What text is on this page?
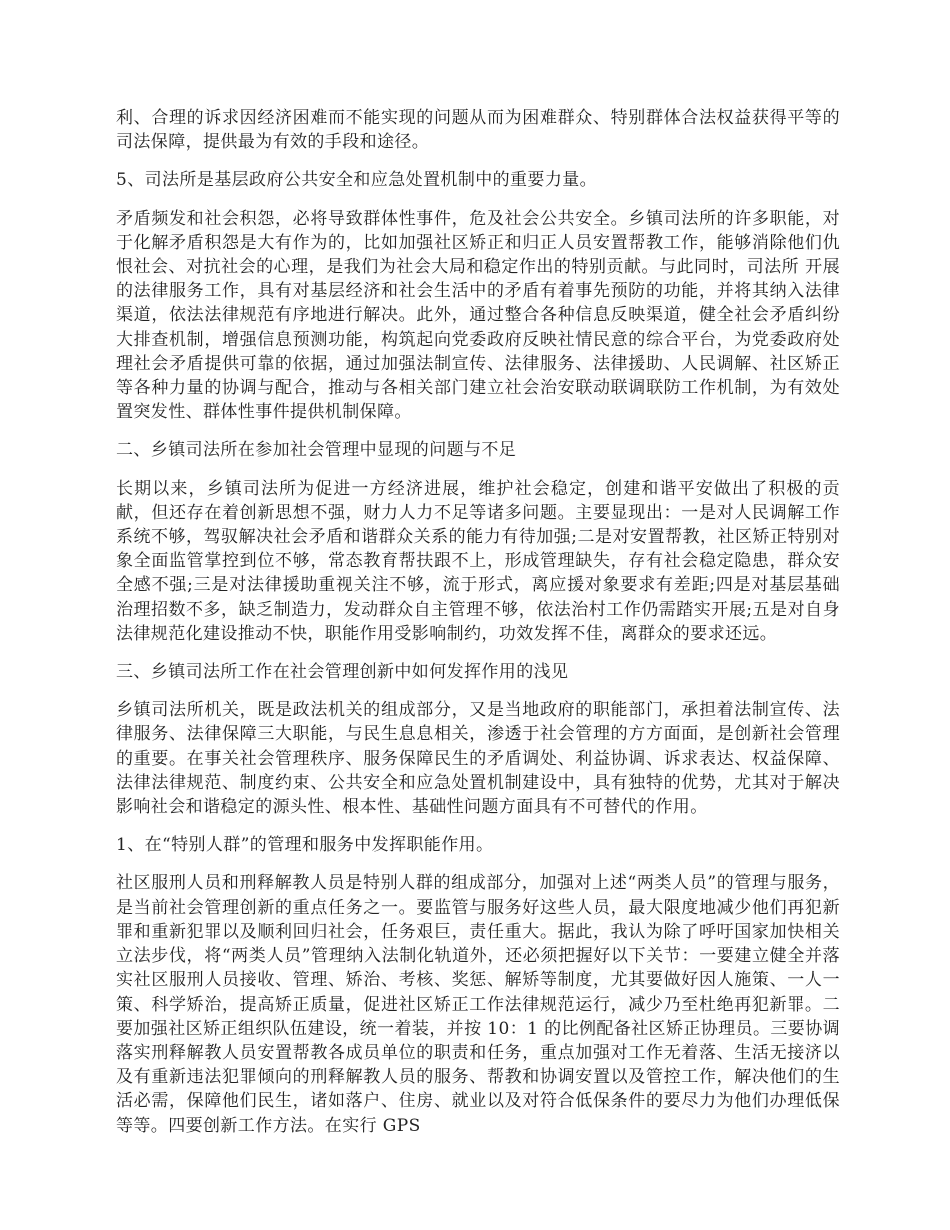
利、合理的诉求因经济困难而不能实现的问题从而为困难群众、特别群体合法权益获得平等的司法保障，提供最为有效的手段和途径。

5、司法所是基层政府公共安全和应急处置机制中的重要力量。

矛盾频发和社会积怨，必将导致群体性事件，危及社会公共安全。乡镇司法所的许多职能，对于化解矛盾积怨是大有作为的，比如加强社区矫正和归正人员安置帮教工作，能够消除他们仇恨社会、对抗社会的心理，是我们为社会大局和稳定作出的特别贡献。与此同时，司法所 开展的法律服务工作，具有对基层经济和社会生活中的矛盾有着事先预防的功能，并将其纳入法律渠道，依法法律规范有序地进行解决。此外，通过整合各种信息反映渠道，健全社会矛盾纠纷大排查机制，增强信息预测功能，构筑起向党委政府反映社情民意的综合平台，为党委政府处理社会矛盾提供可靠的依据，通过加强法制宣传、法律服务、法律援助、人民调解、社区矫正等各种力量的协调与配合，推动与各相关部门建立社会治安联动联调联防工作机制，为有效处置突发性、群体性事件提供机制保障。

二、乡镇司法所在参加社会管理中显现的问题与不足

长期以来，乡镇司法所为促进一方经济进展，维护社会稳定，创建和谐平安做出了积极的贡献，但还存在着创新思想不强，财力人力不足等诸多问题。主要显现出：一是对人民调解工作系统不够，驾驭解决社会矛盾和谐群众关系的能力有待加强;二是对安置帮教，社区矫正特别对象全面监管掌控到位不够，常态教育帮扶跟不上，形成管理缺失，存有社会稳定隐患，群众安全感不强;三是对法律援助重视关注不够，流于形式，离应援对象要求有差距;四是对基层基础治理招数不多，缺乏制造力，发动群众自主管理不够，依法治村工作仍需踏实开展;五是对自身法律规范化建设推动不快，职能作用受影响制约，功效发挥不佳，离群众的要求还远。

三、乡镇司法所工作在社会管理创新中如何发挥作用的浅见

乡镇司法所机关，既是政法机关的组成部分，又是当地政府的职能部门，承担着法制宣传、法律服务、法律保障三大职能，与民生息息相关，渗透于社会管理的方方面面，是创新社会管理的重要。在事关社会管理秩序、服务保障民生的矛盾调处、利益协调、诉求表达、权益保障、法律法律规范、制度约束、公共安全和应急处置机制建设中，具有独特的优势，尤其对于解决影响社会和谐稳定的源头性、根本性、基础性问题方面具有不可替代的作用。

1、在“特别人群”的管理和服务中发挥职能作用。

社区服刑人员和刑释解教人员是特别人群的组成部分，加强对上述“两类人员”的管理与服务，是当前社会管理创新的重点任务之一。要监管与服务好这些人员，最大限度地减少他们再犯新罪和重新犯罪以及顺利回归社会，任务艰巨，责任重大。据此，我认为除了呼吁国家加快相关立法步伐，将“两类人员”管理纳入法制化轨道外，还必须把握好以下关节：一要建立健全并落实社区服刑人员接收、管理、矫治、考核、奖惩、解矫等制度，尤其要做好因人施策、一人一策、科学矫治，提高矫正质量，促进社区矫正工作法律规范运行，减少乃至杜绝再犯新罪。二要加强社区矫正组织队伍建设，统一着装，并按 10：1 的比例配备社区矫正协理员。三要协调落实刑释解教人员安置帮教各成员单位的职责和任务，重点加强对工作无着落、生活无接济以及有重新违法犯罪倾向的刑释解教人员的服务、帮教和协调安置以及管控工作，解决他们的生活必需，保障他们民生，诸如落户、住房、就业以及对符合低保条件的要尽力为他们办理低保等等。四要创新工作方法。在实行 GPS
